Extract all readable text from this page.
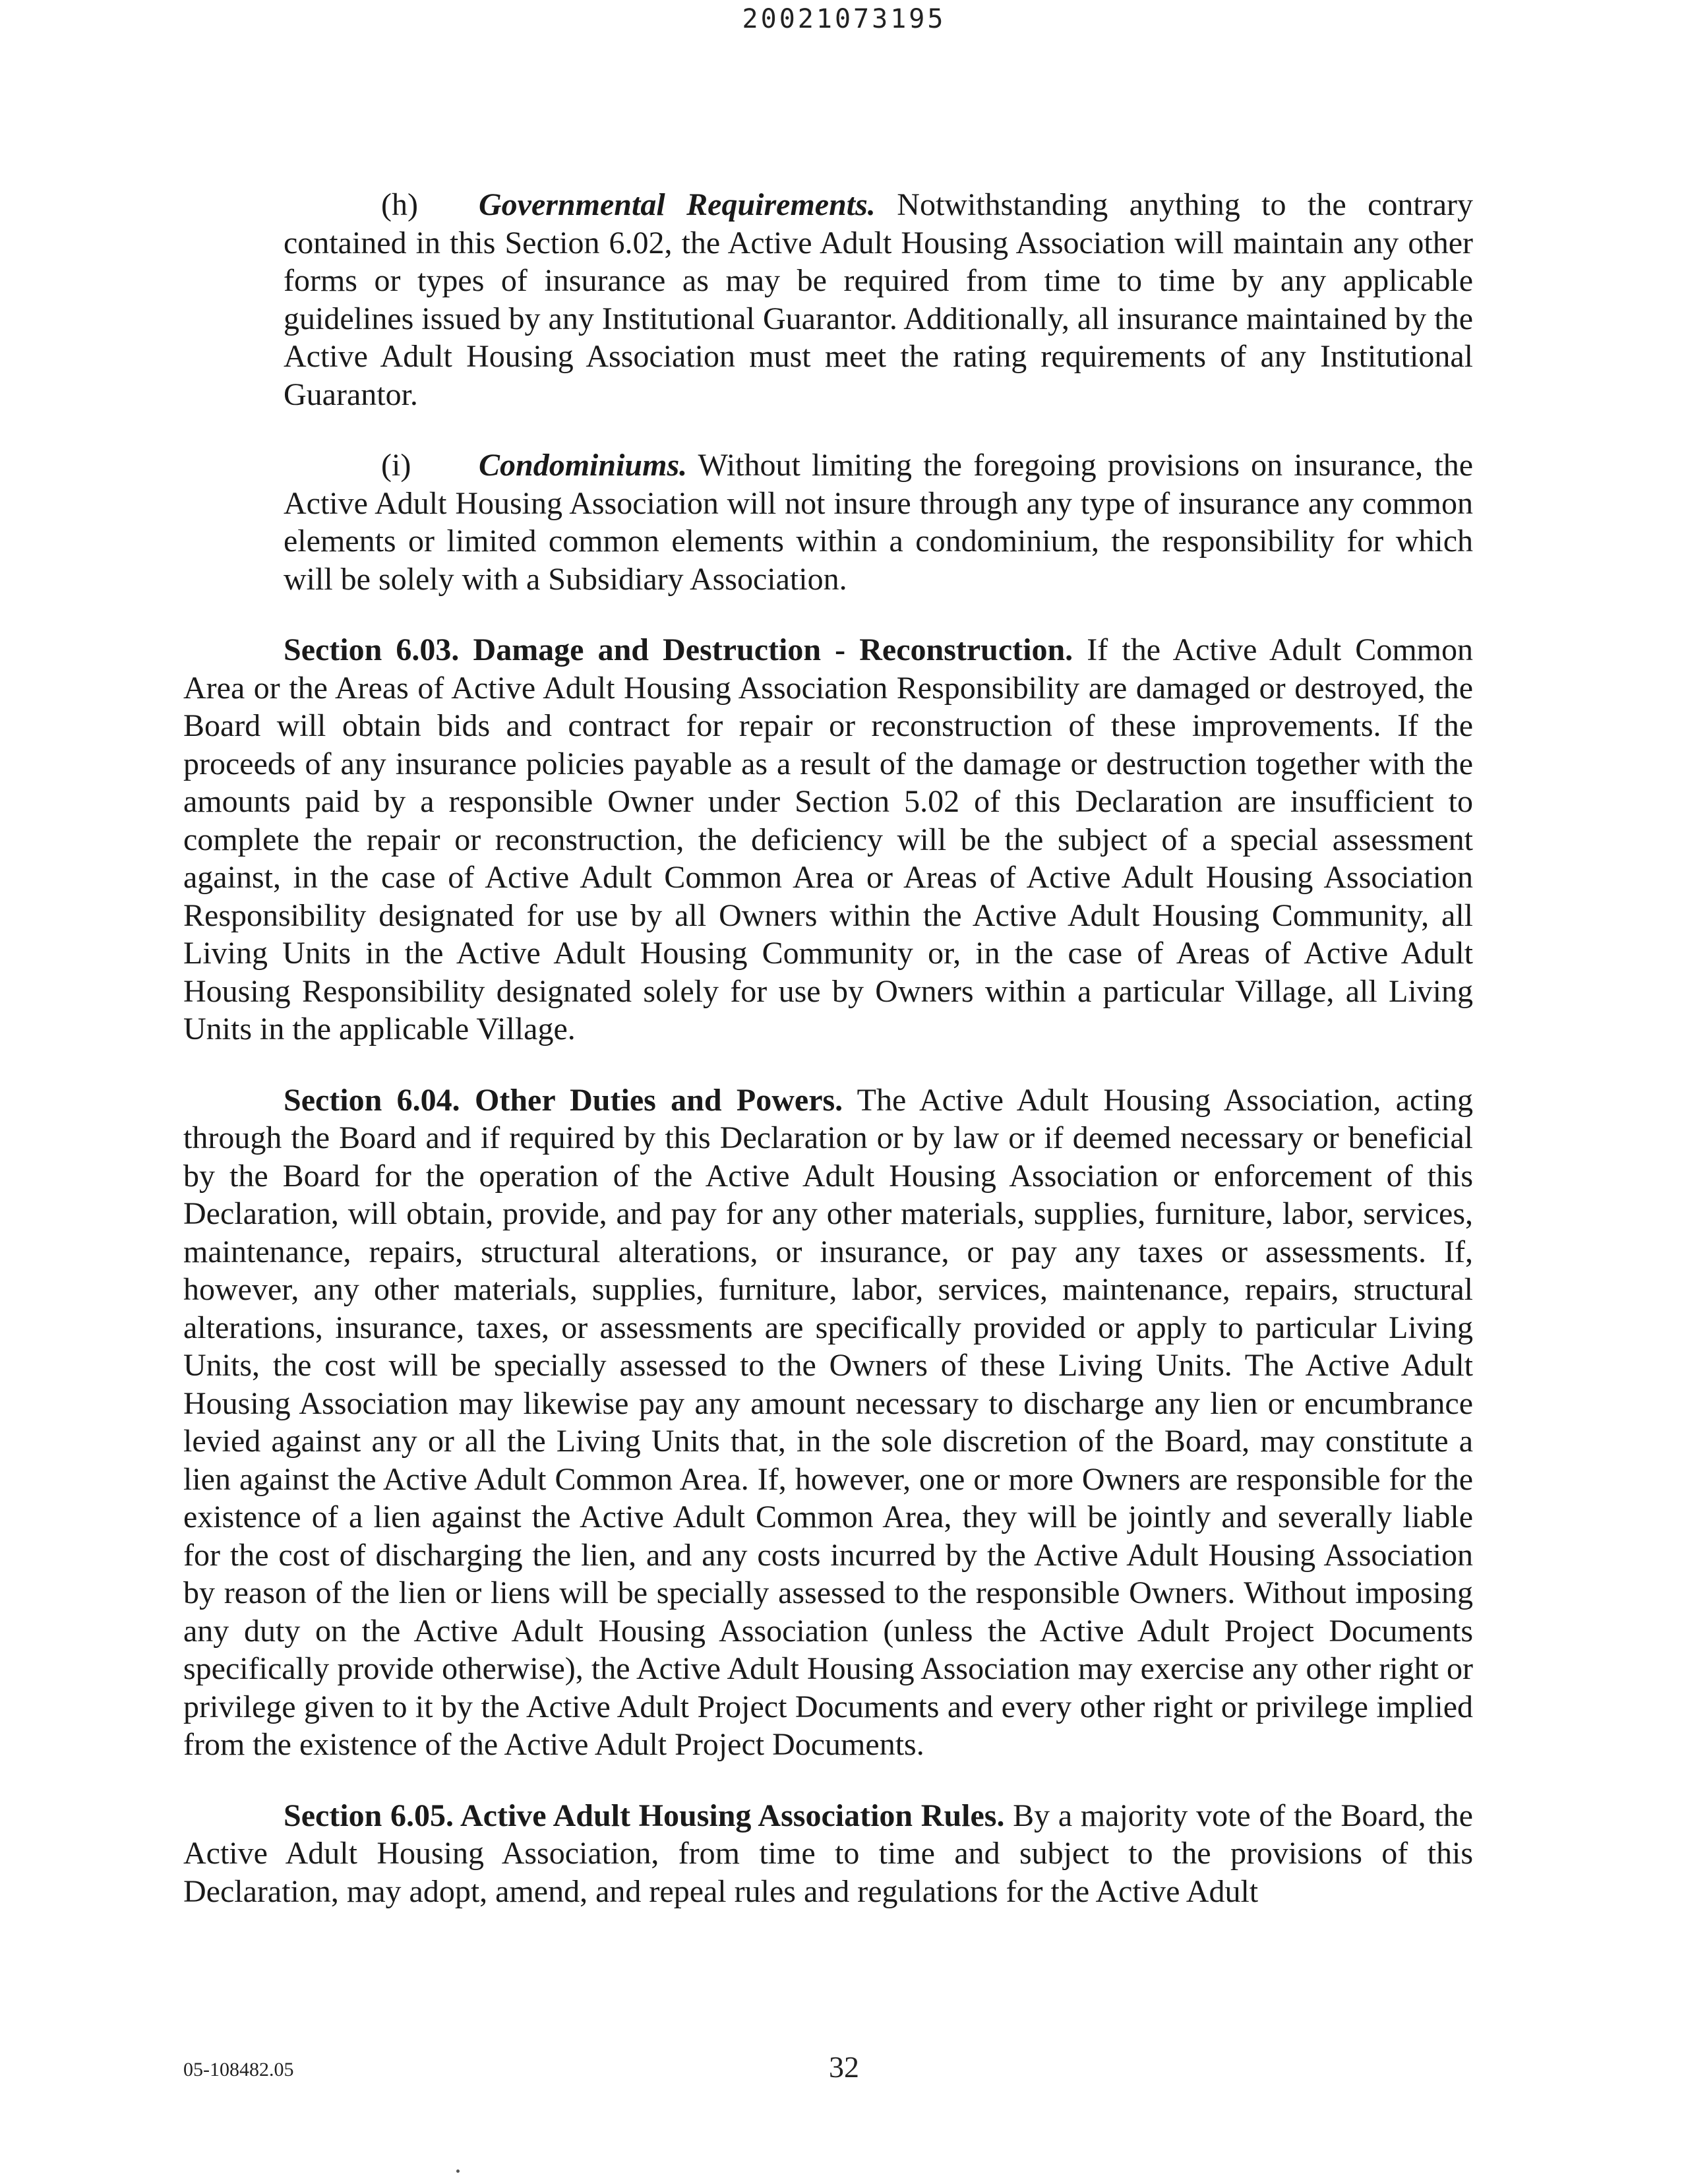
20021073195

(h) Governmental Requirements. Notwithstanding anything to the contrary contained in this Section 6.02, the Active Adult Housing Association will maintain any other forms or types of insurance as may be required from time to time by any applicable guidelines issued by any Institutional Guarantor. Additionally, all insurance maintained by the Active Adult Housing Association must meet the rating requirements of any Institutional Guarantor.

(i) Condominiums. Without limiting the foregoing provisions on insurance, the Active Adult Housing Association will not insure through any type of insurance any common elements or limited common elements within a condominium, the responsibility for which will be solely with a Subsidiary Association.

Section 6.03. Damage and Destruction - Reconstruction. If the Active Adult Common Area or the Areas of Active Adult Housing Association Responsibility are damaged or destroyed, the Board will obtain bids and contract for repair or reconstruction of these improvements. If the proceeds of any insurance policies payable as a result of the damage or destruction together with the amounts paid by a responsible Owner under Section 5.02 of this Declaration are insufficient to complete the repair or reconstruction, the deficiency will be the subject of a special assessment against, in the case of Active Adult Common Area or Areas of Active Adult Housing Association Responsibility designated for use by all Owners within the Active Adult Housing Community, all Living Units in the Active Adult Housing Community or, in the case of Areas of Active Adult Housing Responsibility designated solely for use by Owners within a particular Village, all Living Units in the applicable Village.

Section 6.04. Other Duties and Powers. The Active Adult Housing Association, acting through the Board and if required by this Declaration or by law or if deemed necessary or beneficial by the Board for the operation of the Active Adult Housing Association or enforcement of this Declaration, will obtain, provide, and pay for any other materials, supplies, furniture, labor, services, maintenance, repairs, structural alterations, or insurance, or pay any taxes or assessments. If, however, any other materials, supplies, furniture, labor, services, maintenance, repairs, structural alterations, insurance, taxes, or assessments are specifically provided or apply to particular Living Units, the cost will be specially assessed to the Owners of these Living Units. The Active Adult Housing Association may likewise pay any amount necessary to discharge any lien or encumbrance levied against any or all the Living Units that, in the sole discretion of the Board, may constitute a lien against the Active Adult Common Area. If, however, one or more Owners are responsible for the existence of a lien against the Active Adult Common Area, they will be jointly and severally liable for the cost of discharging the lien, and any costs incurred by the Active Adult Housing Association by reason of the lien or liens will be specially assessed to the responsible Owners. Without imposing any duty on the Active Adult Housing Association (unless the Active Adult Project Documents specifically provide otherwise), the Active Adult Housing Association may exercise any other right or privilege given to it by the Active Adult Project Documents and every other right or privilege implied from the existence of the Active Adult Project Documents.

Section 6.05. Active Adult Housing Association Rules. By a majority vote of the Board, the Active Adult Housing Association, from time to time and subject to the provisions of this Declaration, may adopt, amend, and repeal rules and regulations for the Active Adult

05-108482.05	32
